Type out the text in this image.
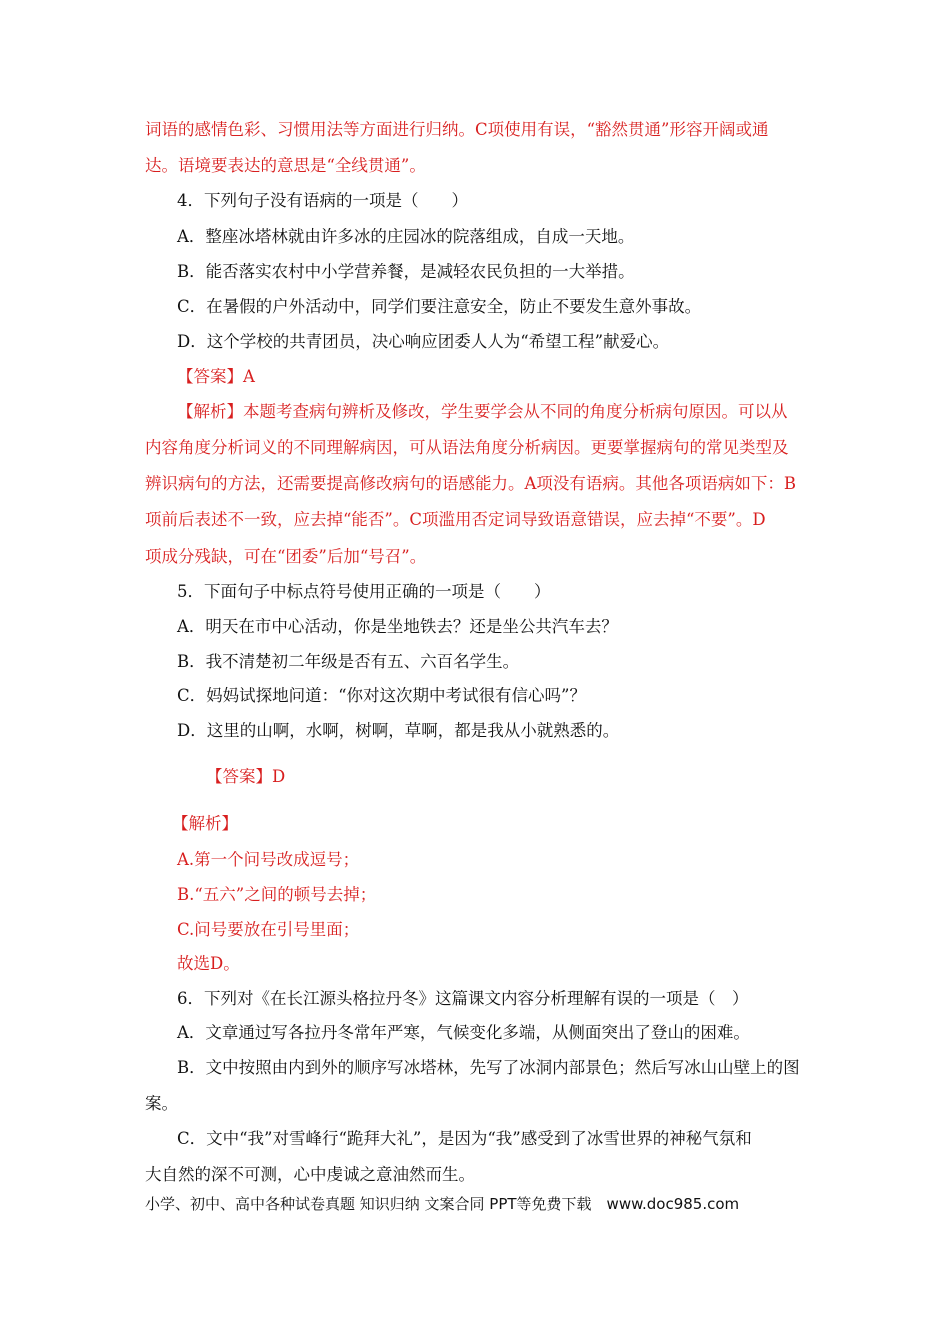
词语的感情色彩、习惯用法等方面进行归纳。C项使用有误，“豁然贯通”形容开阔或通
达。语境要表达的意思是“全线贯通”。
4．下列句子没有语病的一项是（　　）
A．整座冰塔林就由许多冰的庄园冰的院落组成，自成一天地。
B．能否落实农村中小学营养餐，是减轻农民负担的一大举措。
C．在暑假的户外活动中，同学们要注意安全，防止不要发生意外事故。
D．这个学校的共青团员，决心响应团委人人为“希望工程”献爱心。
【答案】A
【解析】本题考查病句辨析及修改，学生要学会从不同的角度分析病句原因。可以从
内容角度分析词义的不同理解病因，可从语法角度分析病因。更要掌握病句的常见类型及
辨识病句的方法，还需要提高修改病句的语感能力。A项没有语病。其他各项语病如下：B
项前后表述不一致，应去掉“能否”。C项滥用否定词导致语意错误，应去掉“不要”。D
项成分残缺，可在“团委”后加“号召”。
5．下面句子中标点符号使用正确的一项是（　　）
A．明天在市中心活动，你是坐地铁去？还是坐公共汽车去？
B．我不清楚初二年级是否有五、六百名学生。
C．妈妈试探地问道：“你对这次期中考试很有信心吗”？
D．这里的山啊，水啊，树啊，草啊，都是我从小就熟悉的。
【答案】D
【解析】
A.第一个问号改成逗号；
B.“五六”之间的顿号去掉；
C.问号要放在引号里面；
故选D。
6．下列对《在长江源头格拉丹冬》这篇课文内容分析理解有误的一项是（　）
A．文章通过写各拉丹冬常年严寒，气候变化多端，从侧面突出了登山的困难。
B．文中按照由内到外的顺序写冰塔林，先写了冰洞内部景色；然后写冰山山壁上的图
案。
C．文中“我”对雪峰行“跪拜大礼”，是因为“我”感受到了冰雪世界的神秘气氛和
大自然的深不可测，心中虔诚之意油然而生。
小学、初中、高中各种试卷真题 知识归纳 文案合同 PPT等免费下载　www.doc985.com
